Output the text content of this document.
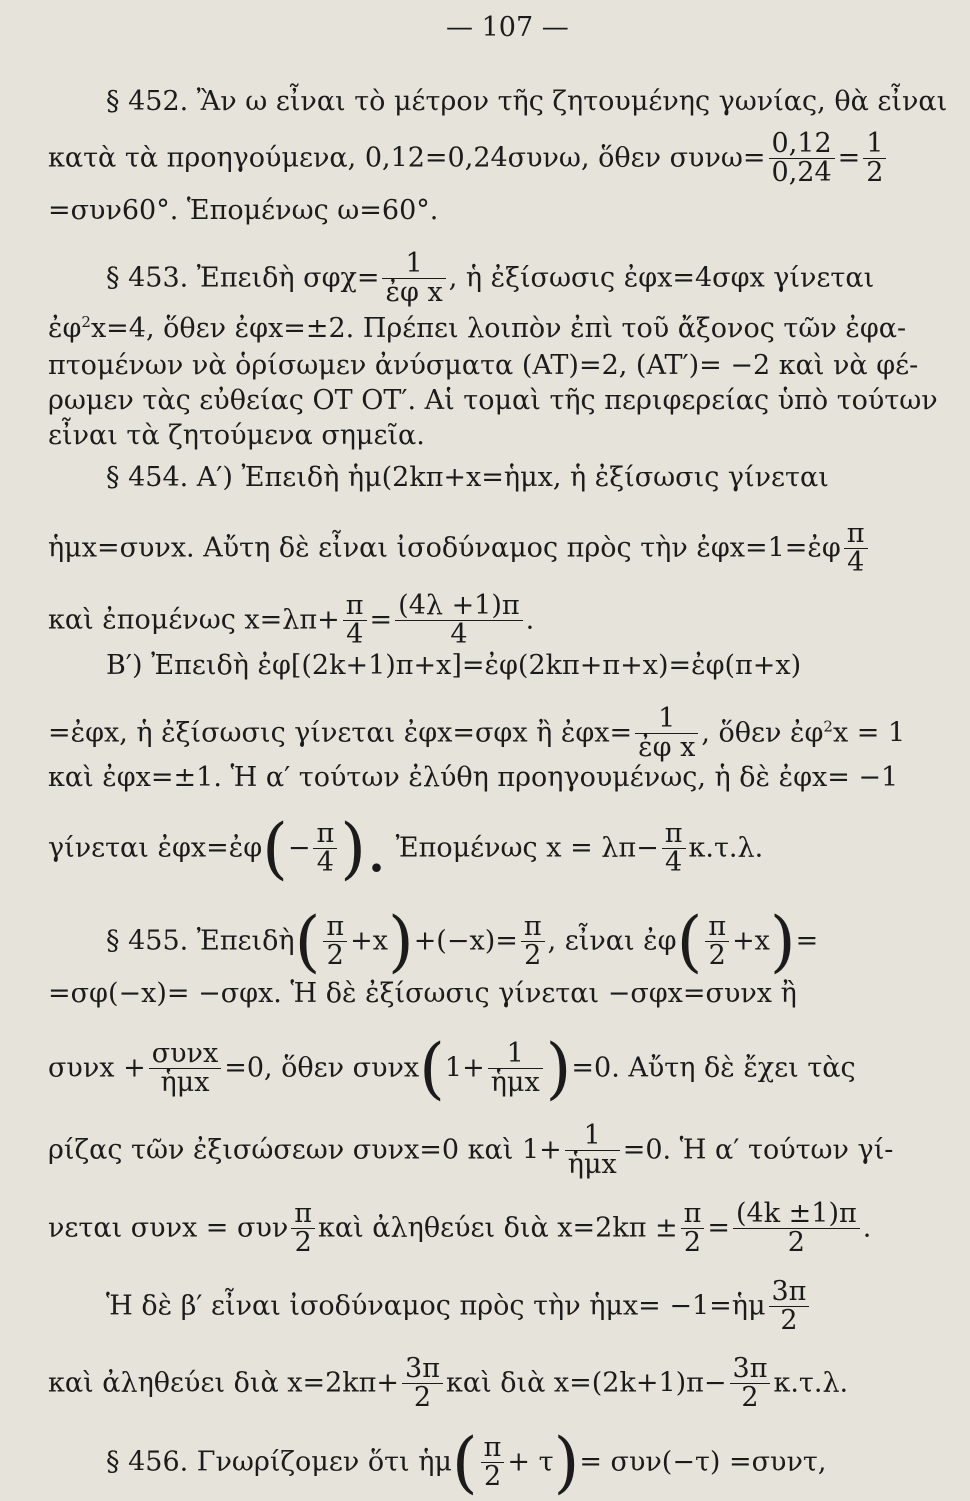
— 107 —
§ 452. Ἂν ω εἶναι τὸ μέτρον τῆς ζητουμένης γωνίας, θὰ εἶναι
κατὰ τὰ προηγούμενα, 0,12=0,24συνω, ὅθεν $\sigma\upsilon\nu\omega= \frac{0,12}{0,24} = \frac{1}{2}$
=συν60°. Ἑπομένως ω=60°.
§ 453. Ἐπειδὴ $\sigma\varphi\chi= \frac{1}{\text{ἐφ x}}$ , ἡ ἐξίσωσις ἐφx=4σφx γίνεται
ἐφ$^2$x=4, ὅθεν ἐφx=±2. Πρέπει λοιπὸν ἐπὶ τοῦ ἄξονος τῶν ἐφα-
πτομένων νὰ ὁρίσωμεν ἀνύσματα (AT)=2, (AT′)= −2 καὶ νὰ φέ-
ρωμεν τὰς εὐθείας OT OT′. Αἱ τομαὶ τῆς περιφερείας ὑπὸ τούτων
εἶναι τὰ ζητούμενα σημεῖα.
§ 454. Α′) Ἐπειδὴ ἡμ(2kπ+x=ἡμx, ἡ ἐξίσωσις γίνεται
ἡμx=συνx. Αὔτη δὲ εἶναι ἰσοδύναμος πρὸς τὴν ἐφx=1=ἐφ $\frac{\pi}{4}$
καὶ ἐπομένως $x=\lambda\pi+ \frac{\pi}{4} = \frac{(4\lambda +1)\pi}{4}$ .
Β′) Ἐπειδὴ ἐφ[(2k+1)π+x]=ἐφ(2kπ+π+x)=ἐφ(π+x)
=ἐφx, ἡ ἐξίσωσις γίνεται ἐφx=σφx ἢ ἐφx= $\frac{1}{\text{ἐφ x}}$ , ὅθεν ἐφ$^2$x = 1
καὶ ἐφx=±1. Ἡ α′ τούτων ἐλύθη προηγουμένως, ἡ δὲ ἐφx= −1
γίνεται ἐφx=ἐφ(− $\frac{\pi}{4}$ ). Ἐπομένως $x = \lambda\pi- \frac{\pi}{4} \kappa.\tau.\lambda$.
§ 455. Ἐπειδὴ( $\frac{\pi}{2} +x)+(-x)= \frac{\pi}{2}$ , εἶναι ἐφ( $\frac{\pi}{2} +x)=$
=σφ(−x)= −σφx. Ἡ δὲ ἐξίσωσις γίνεται −σφx=συνx ἢ
$\sigma\upsilon\nu x + \frac{\text{συνx}}{\text{ἡμx}} =0$, ὅθεν $\sigma\upsilon\nu x(1+ \frac{1}{\text{ἡμx}} )=0$. Αὔτη δὲ ἔχει τὰς
ρίζας τῶν ἐξισώσεων συνx=0 καὶ $1+ \frac{1}{\text{ἡμx}} =0$. Ἡ α′ τούτων γί-
νεται συνx = συν $\frac{\pi}{2}$ καὶ ἀληθεύει διὰ $x=2k\pi \pm \frac{\pi}{2} = \frac{(4k \pm 1)\pi}{2}$ .
Ἡ δὲ β′ εἶναι ἰσοδύναμος πρὸς τὴν ἡμx= −1=ἡμ $\frac{3\pi}{2}$
καὶ ἀληθεύει διὰ $x=2k\pi+ \frac{3\pi}{2}$ καὶ διὰ $x=(2k+1)\pi- \frac{3\pi}{2} \kappa.\tau.\lambda$.
§ 456. Γνωρίζομεν ὅτι ἡμ( $\frac{\pi}{2} + \tau)= \sigma\upsilon\nu(-\tau) =\sigma\upsilon\nu\tau$,
